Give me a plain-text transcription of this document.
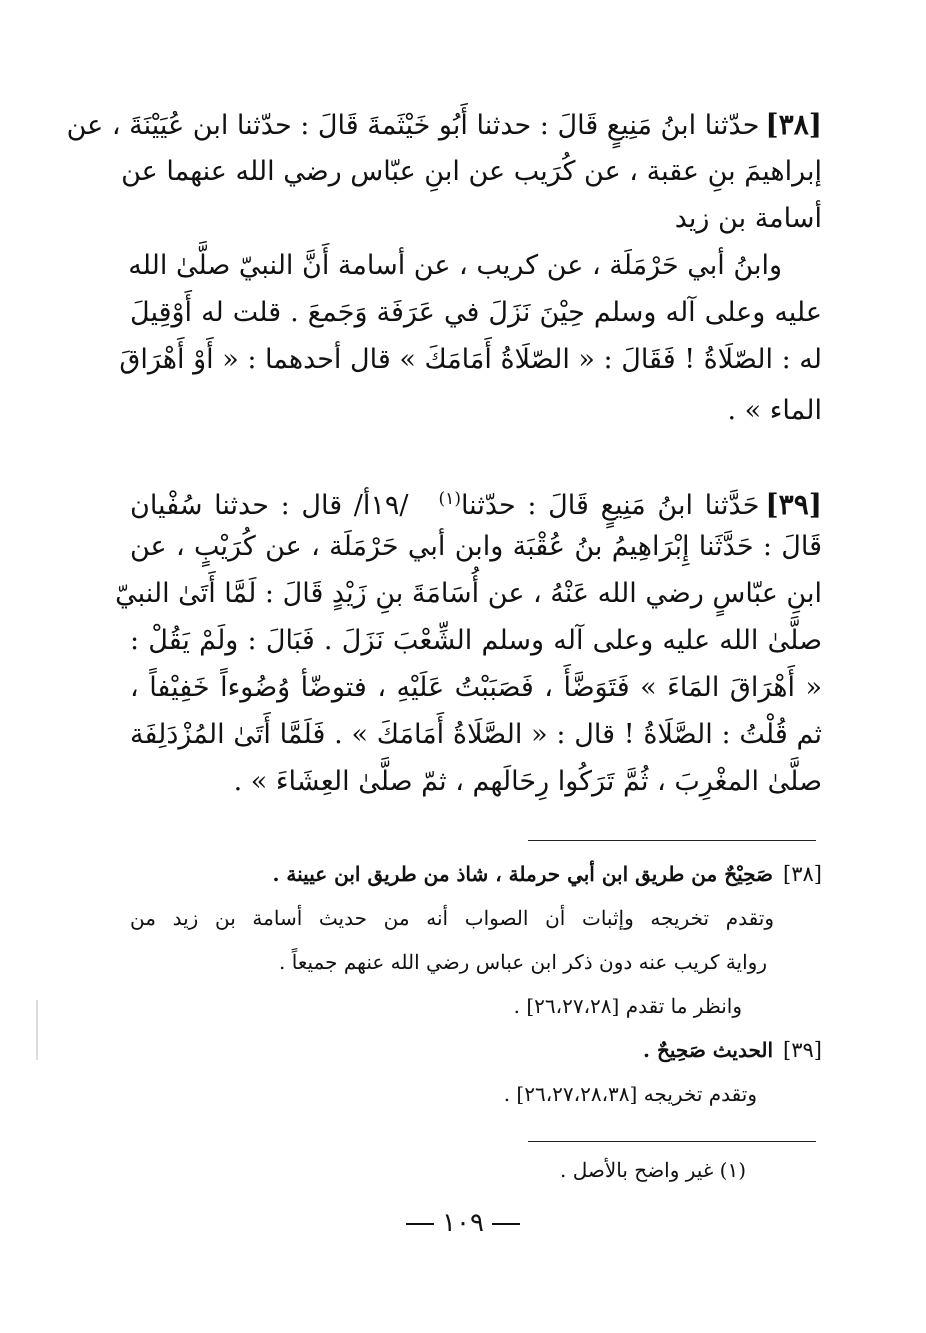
[٣٨]حدّثنا ابنُ مَنِيعٍ قَالَ : حدثنا أَبُو خَيْثَمةَ قَالَ : حدّثنا ابن عُيَيْنَةَ ، عن
إبراهيمَ بنِ عقبة ، عن كُرَيب عن ابنِ عبّاس رضي الله عنهما عن
أسامة بن زيد
وابنُ أبي حَرْمَلَة ، عن كريب ، عن أسامة أَنَّ النبيّ صلَّىٰ الله
عليه وعلى آله وسلم حِيْنَ نَزَلَ في عَرَفَة وَجَمعَ . قلت له أَوْقِيلَ
له : الصّلَاةُ ! فَقَالَ : « الصّلَاةُ أَمَامَكَ » قال أحدهما : « أَوْ أَهْرَاقَ
الماء » .
[٣٩]حَدَّثنا ابنُ مَنِيعٍ قَالَ : حدّثنا$^{(١)}$/١٩أ/ قال : حدثنا سُفْيان
قَالَ : حَدَّثَنا إِبْرَاهِيمُ بنُ عُقْبَة وابن أبي حَرْمَلَة ، عن كُرَيْبٍ ، عن
ابنِ عبّاسٍ رضي الله عَنْهُ ، عن أُسَامَةَ بنِ زَيْدٍ قَالَ : لَمَّا أَتَىٰ النبيّ
صلَّىٰ الله عليه وعلى آله وسلم الشِّعْبَ نَزَلَ . فَبَالَ : ولَمْ يَقُلْ :
« أَهْرَاقَ المَاءَ » فَتَوَضَّأَ ، فَصَبَبْتُ عَلَيْهِ ، فتوضّأ وُضُوءاً خَفِيْفاً ،
ثم قُلْتُ : الصَّلَاةُ ! قال : « الصَّلَاةُ أَمَامَكَ » . فَلَمَّا أَتَىٰ المُزْدَلِفَة
صلَّىٰ المغْرِبَ ، ثُمَّ تَرَكُوا رِحَالَهم ، ثمّ صلَّىٰ العِشَاءَ » .
[٣٨]صَحِيْحٌ من طريق ابن أبي حرملة ، شاذ من طريق ابن عيينة .
وتقدم تخريجه وإثبات أن الصواب أنه من حديث أسامة بن زيد من
رواية كريب عنه دون ذكر ابن عباس رضي الله عنهم جميعاً .
وانظر ما تقدم [٢٦،٢٧،٢٨] .
[٣٩]الحديث صَحِيحٌ .
وتقدم تخريجه [٢٦،٢٧،٢٨،٣٨] .
(١) غير واضح بالأصل .
١٠٩
